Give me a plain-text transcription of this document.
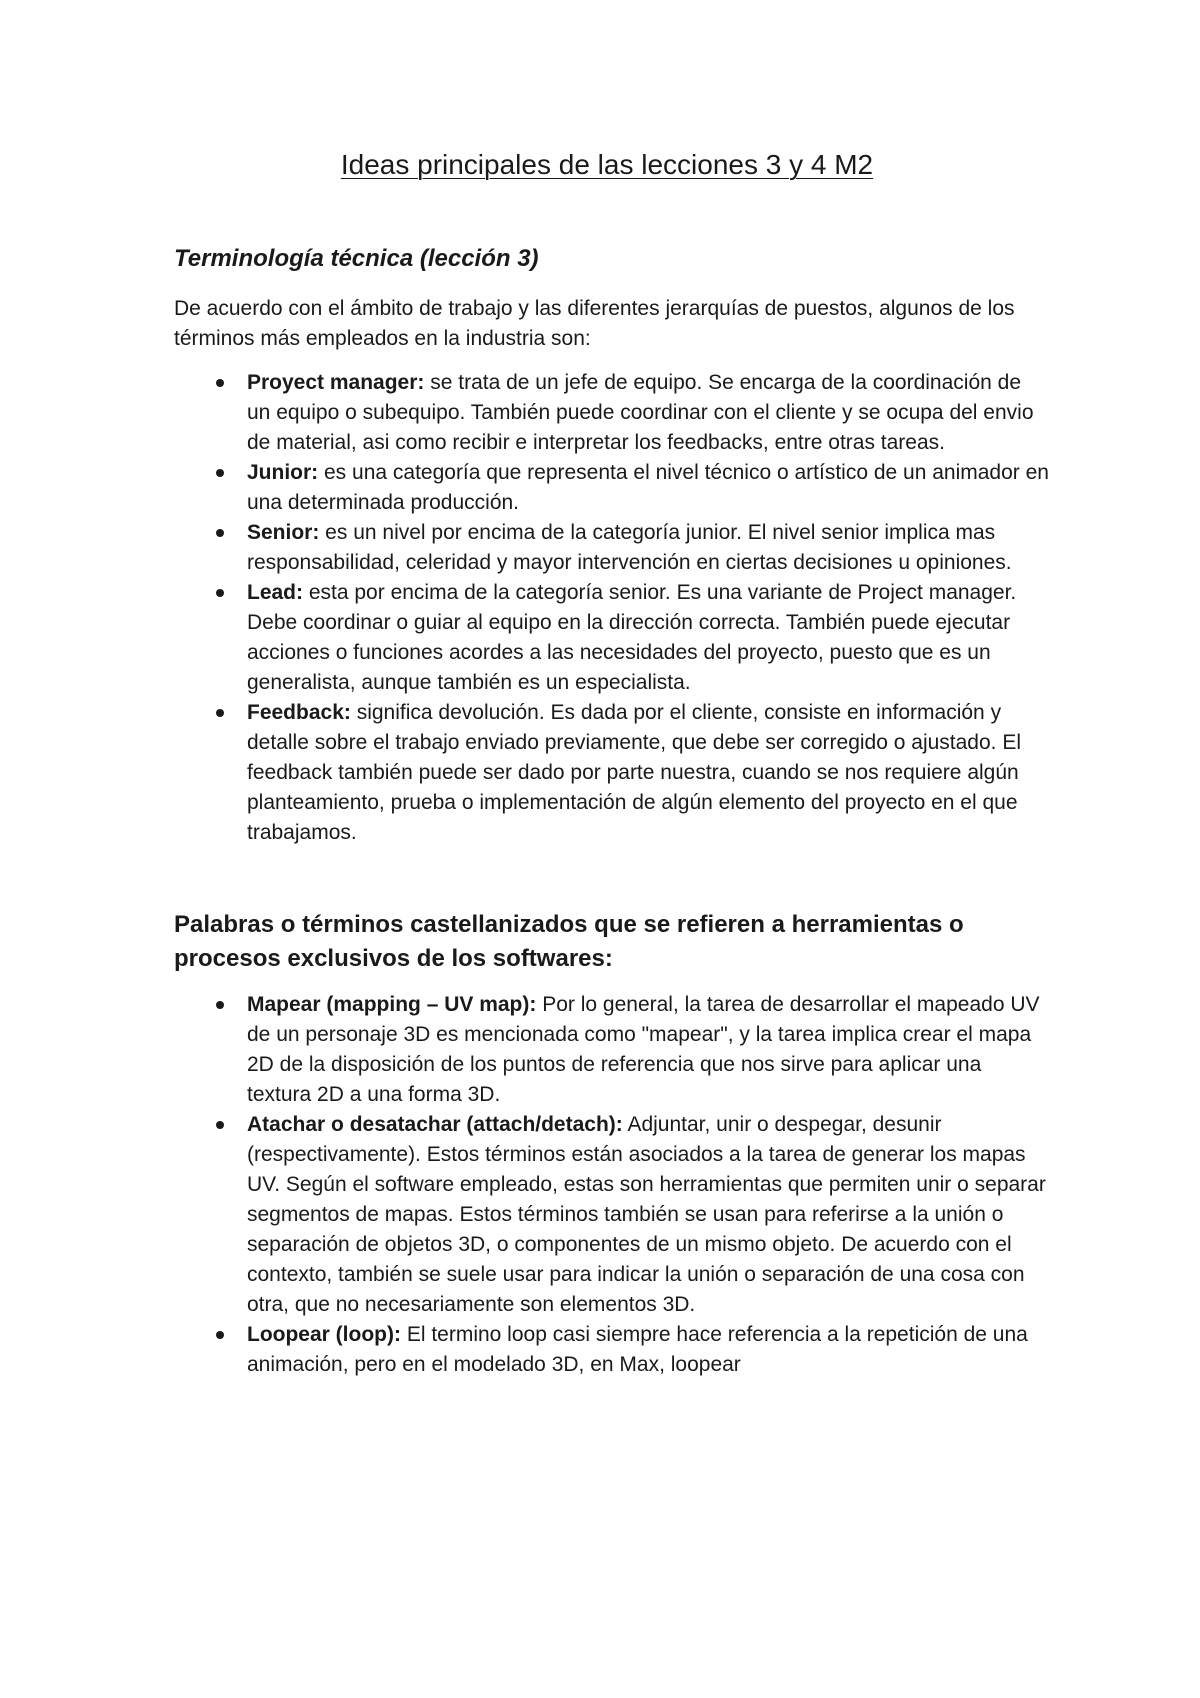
Ideas principales de las lecciones 3 y 4 M2
Terminología técnica (lección 3)

De acuerdo con el ámbito de trabajo y las diferentes jerarquías de puestos, algunos de los términos más empleados en la industria son:

Proyect manager: se trata de un jefe de equipo. Se encarga de la coordinación de un equipo o subequipo. También puede coordinar con el cliente y se ocupa del envio de material, asi como recibir e interpretar los feedbacks, entre otras tareas.
Junior: es una categoría que representa el nivel técnico o artístico de un animador en una determinada producción.
Senior: es un nivel por encima de la categoría junior. El nivel senior implica mas responsabilidad, celeridad y mayor intervención en ciertas decisiones u opiniones.
Lead: esta por encima de la categoría senior. Es una variante de Project manager. Debe coordinar o guiar al equipo en la dirección correcta. También puede ejecutar acciones o funciones acordes a las necesidades del proyecto, puesto que es un generalista, aunque también es un especialista.
Feedback: significa devolución. Es dada por el cliente, consiste en información y detalle sobre el trabajo enviado previamente, que debe ser corregido o ajustado. El feedback también puede ser dado por parte nuestra, cuando se nos requiere algún planteamiento, prueba o implementación de algún elemento del proyecto en el que trabajamos.
Palabras o términos castellanizados que se refieren a herramientas o procesos exclusivos de los softwares:
Mapear (mapping – UV map): Por lo general, la tarea de desarrollar el mapeado UV de un personaje 3D es mencionada como "mapear", y la tarea implica crear el mapa 2D de la disposición de los puntos de referencia que nos sirve para aplicar una textura 2D a una forma 3D.
Atachar o desatachar (attach/detach): Adjuntar, unir o despegar, desunir (respectivamente). Estos términos están asociados a la tarea de generar los mapas UV. Según el software empleado, estas son herramientas que permiten unir o separar segmentos de mapas. Estos términos también se usan para referirse a la unión o separación de objetos 3D, o componentes de un mismo objeto. De acuerdo con el contexto, también se suele usar para indicar la unión o separación de una cosa con otra, que no necesariamente son elementos 3D.
Loopear (loop): El termino loop casi siempre hace referencia a la repetición de una animación, pero en el modelado 3D, en Max, loopear
